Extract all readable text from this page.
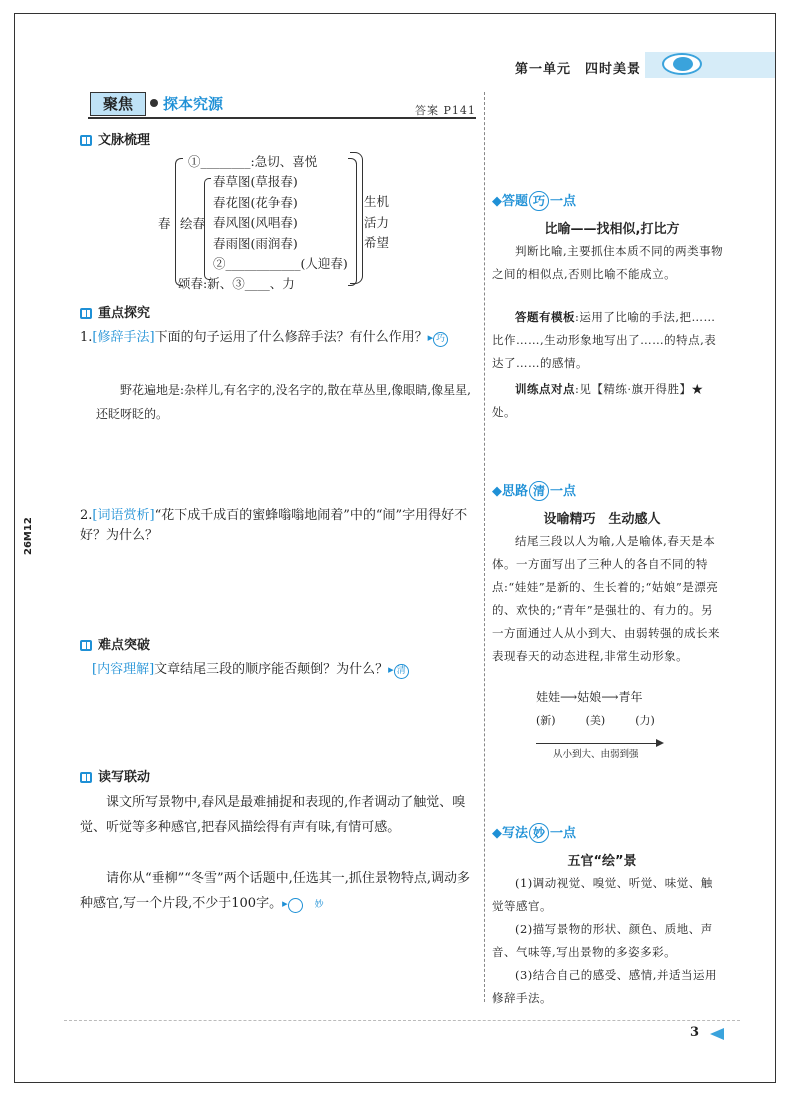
第一单元　四时美景
聚焦	探本究源	答案 P141
26M12
文脉梳理
春
①________:急切、喜悦
绘春
春草图(草报春)
春花图(花争春)
春风图(风唱春)
春雨图(雨润春)
②____________(人迎春)
颂春:新、③____、力
生机
活力
希望
重点探究
1.[修辞手法]下面的句子运用了什么修辞手法？有什么作用？▸ 巧
野花遍地是:杂样儿,有名字的,没名字的,散在草丛里,像眼睛,像星星,还眨呀眨的。
2.[词语赏析]“花下成千成百的蜜蜂嗡嗡地闹着”中的“闹”字用得好不好？为什么？
难点突破
[内容理解]文章结尾三段的顺序能否颠倒？为什么？▸ 清
读写联动
课文所写景物中,春风是最难捕捉和表现的,作者调动了触觉、嗅觉、听觉等多种感官,把春风描绘得有声有味,有情可感。
请你从“垂柳”“冬雪”两个话题中,任选其一,抓住景物特点,调动多种感官,写一个片段,不少于100字。▸	妙
◆答题 巧 一点
比喻——找相似,打比方
判断比喻,主要抓住本质不同的两类事物之间的相似点,否则比喻不能成立。
答题有模板:运用了比喻的手法,把……比作……,生动形象地写出了……的特点,表达了……的感情。
训练点对点:见【精练·旗开得胜】★处。
◆思路 清 一点
设喻精巧　生动感人
结尾三段以人为喻,人是喻体,春天是本体。一方面写出了三种人的各自不同的特点:“娃娃”是新的、生长着的;“姑娘”是漂亮的、欢快的;“青年”是强壮的、有力的。另一方面通过人从小到大、由弱转强的成长来表现春天的动态进程,非常生动形象。
娃娃⟶姑娘⟶青年
(新)	(美)	(力)
从小到大、由弱到强
◆写法 妙 一点
五官“绘”景
(1)调动视觉、嗅觉、听觉、味觉、触觉等感官。
(2)描写景物的形状、颜色、质地、声音、气味等,写出景物的多姿多彩。
(3)结合自己的感受、感情,并适当运用修辞手法。
3
